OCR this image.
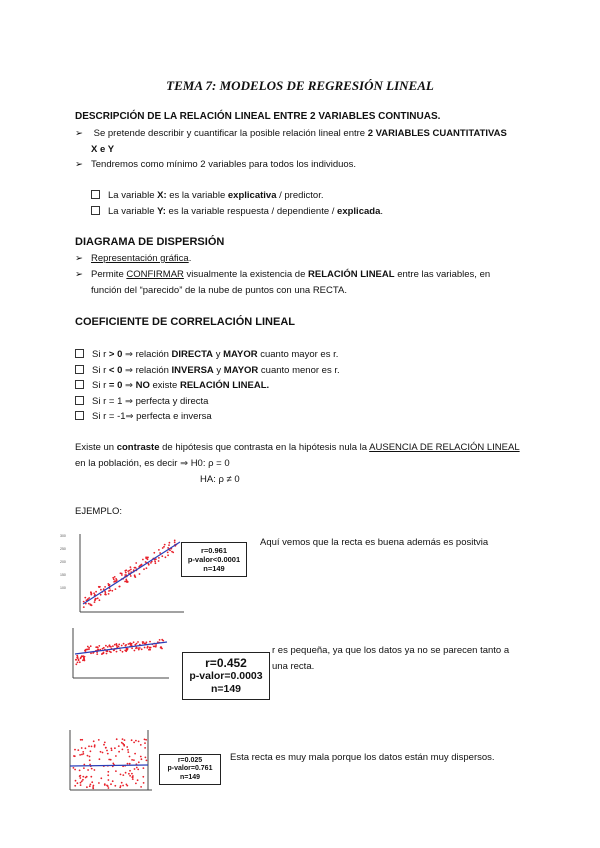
TEMA 7: MODELOS DE REGRESIÓN LINEAL
DESCRIPCIÓN DE LA RELACIÓN LINEAL ENTRE 2 VARIABLES CONTINUAS.
➢ Se pretende describir y cuantificar la posible relación lineal entre 2 VARIABLES CUANTITATIVAS
X e Y
➢ Tendremos como mínimo 2 variables para todos los individuos.
La variable X: es la variable explicativa / predictor.
La variable Y: es la variable respuesta / dependiente / explicada.
DIAGRAMA DE DISPERSIÓN
➢ Representación gráfica.
➢ Permite CONFIRMAR visualmente la existencia de RELACIÓN LINEAL entre las variables, en
función del “parecido” de la nube de puntos con una RECTA.
COEFICIENTE DE CORRELACIÓN LINEAL
Si r > 0 ⇒ relación DIRECTA y MAYOR cuanto mayor es r.
Si r < 0 ⇒ relación INVERSA y MAYOR cuanto menor es r.
Si r = 0 ⇒ NO existe RELACIÓN LINEAL.
Si r = 1 ⇒ perfecta y directa
Si r = -1⇒ perfecta e inversa
Existe un contraste de hipótesis que contrasta en la hipótesis nula la AUSENCIA DE RELACIÓN LINEAL
en la población, es decir ⇒ H0: ρ = 0
HA: ρ ≠ 0
EJEMPLO:
300
250
200
150
100
r=0.961
p-valor<0.0001
n=149
Aquí vemos que la recta es buena además es positvia
r=0.452
p-valor=0.0003
n=149
r es pequeña, ya que los datos ya no se parecen tanto a
una recta.
r=0.025
p-valor=0.761
n=149
Esta recta es muy mala porque los datos están muy dispersos.
